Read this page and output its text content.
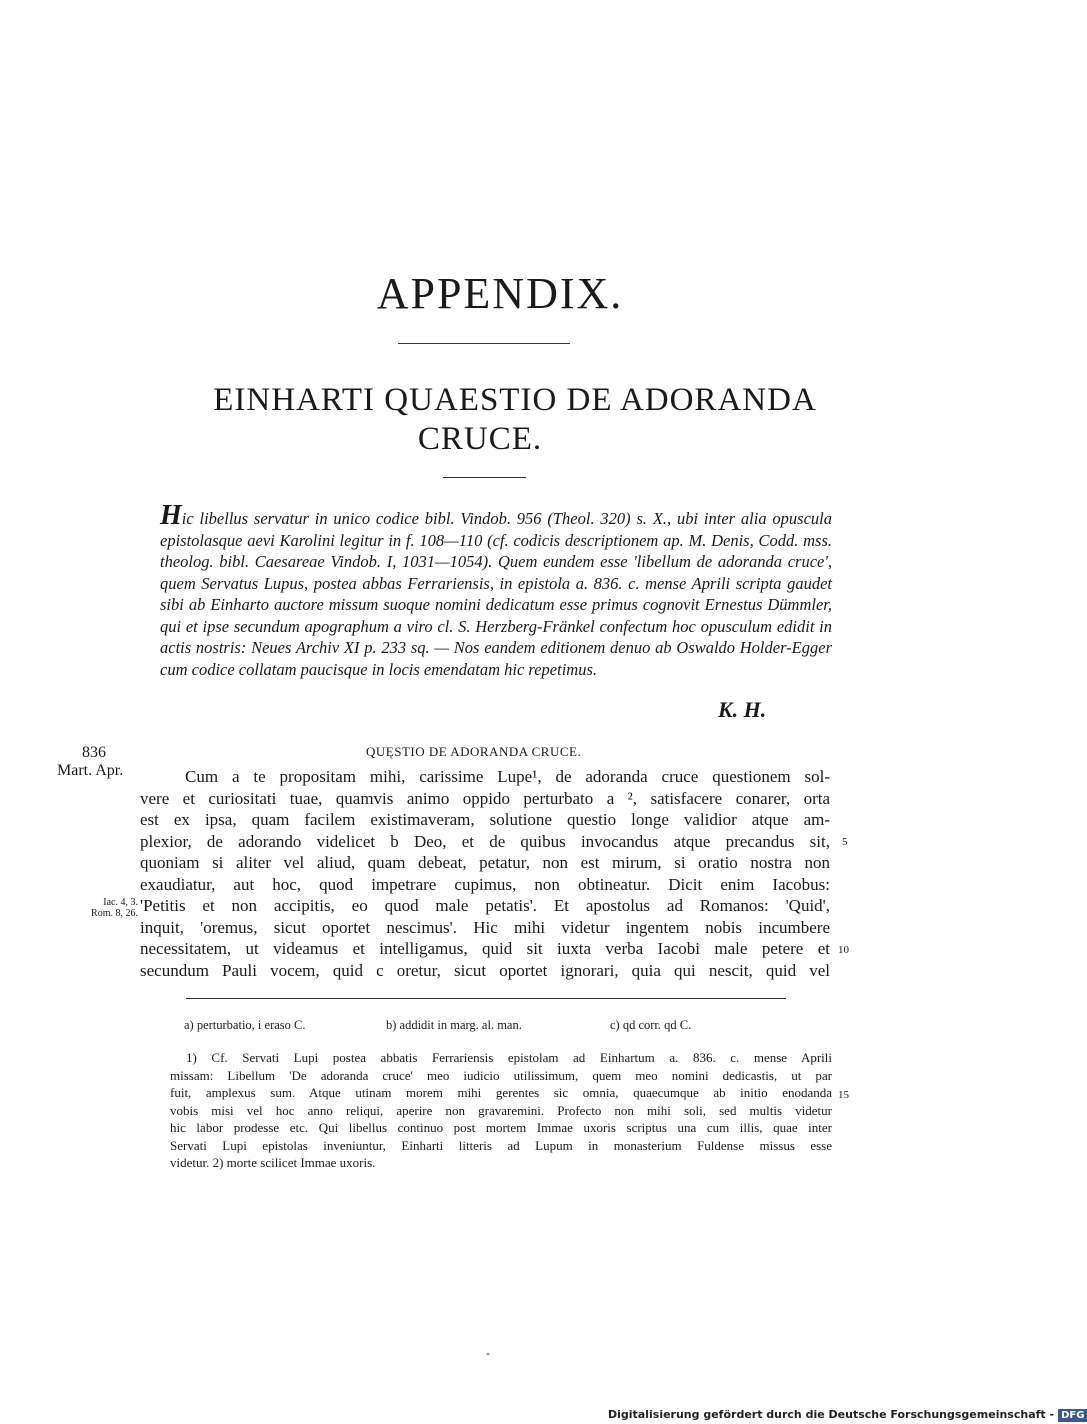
APPENDIX.
EINHARTI QUAESTIO DE ADORANDA
CRUCE.

Hic libellus servatur in unico codice bibl. Vindob. 956 (Theol. 320) s. X., ubi inter alia opuscula epistolasque aevi Karolini legitur in f. 108—110 (cf. codicis descriptionem ap. M. Denis, Codd. mss. theolog. bibl. Caesareae Vindob. I, 1031—1054). Quem eundem esse 'libellum de adoranda cruce', quem Servatus Lupus, postea abbas Ferrariensis, in epistola a. 836. c. mense Aprili scripta gaudet sibi ab Einharto auctore missum suoque nomini dedicatum esse primus cognovit Ernestus Dümmler, qui et ipse secundum apographum a viro cl. S. Herzberg-Fränkel confectum hoc opusculum edidit in actis nostris: Neues Archiv XI p. 233 sq. — Nos eandem editionem denuo ab Oswaldo Holder-Egger cum codice collatam paucisque in locis emendatam hic repetimus.

K. H.
836
Mart. Apr.
Iac. 4, 3.
Rom. 8, 26.
QUĘSTIO DE ADORANDA CRUCE.
Cum a te propositam mihi, carissime Lupe¹, de adoranda cruce questionem sol-
vere et curiositati tuae, quamvis animo oppido perturbato a ², satisfacere conarer, orta
est ex ipsa, quam facilem existimaveram, solutione questio longe validior atque am-
plexior, de adorando videlicet b Deo, et de quibus invocandus atque precandus sit,
quoniam si aliter vel aliud, quam debeat, petatur, non est mirum, si oratio nostra non
exaudiatur, aut hoc, quod impetrare cupimus, non obtineatur. Dicit enim Iacobus:
'Petitis et non accipitis, eo quod male petatis'. Et apostolus ad Romanos: 'Quid',
inquit, 'oremus, sicut oportet nescimus'. Hic mihi videtur ingentem nobis incumbere
necessitatem, ut videamus et intelligamus, quid sit iuxta verba Iacobi male petere et
secundum Pauli vocem, quid c oretur, sicut oportet ignorari, quia qui nescit, quid vel
5
10
a) perturbatio, i eraso C.	b) addidit in marg. al. man.	c) qd corr. qd C.
1) Cf. Servati Lupi postea abbatis Ferrariensis epistolam ad Einhartum a. 836. c. mense Aprili
missam: Libellum 'De adoranda cruce' meo iudicio utilissimum, quem meo nomini dedicastis, ut par
fuit, amplexus sum. Atque utinam morem mihi gerentes sic omnia, quaecumque ab initio enodanda
vobis misi vel hoc anno reliqui, aperire non gravaremini. Profecto non mihi soli, sed multis videtur
hic labor prodesse etc. Qui libellus continuo post mortem Immae uxoris scriptus una cum illis, quae inter
Servati Lupi epistolas inveniuntur, Einharti litteris ad Lupum in monasterium Fuldense missus esse
videtur. 2) morte scilicet Immae uxoris.
15
-
Digitalisierung gefördert durch die Deutsche Forschungsgemeinschaft - DFG
